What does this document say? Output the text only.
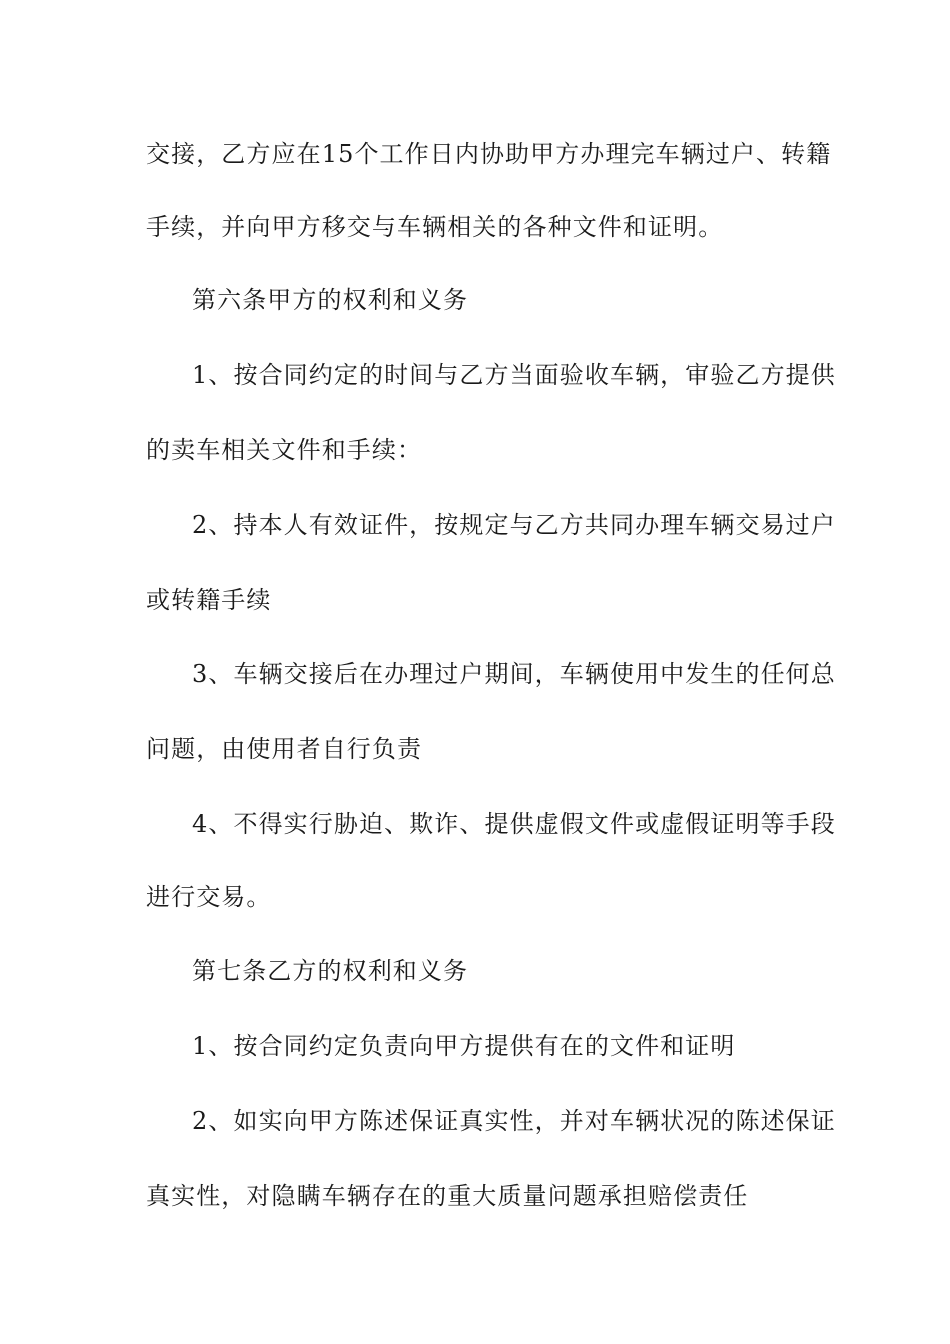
交接，乙方应在15个工作日内协助甲方办理完车辆过户、转籍
手续，并向甲方移交与车辆相关的各种文件和证明。
第六条甲方的权利和义务
1、按合同约定的时间与乙方当面验收车辆，审验乙方提供
的卖车相关文件和手续：
2、持本人有效证件，按规定与乙方共同办理车辆交易过户
或转籍手续
3、车辆交接后在办理过户期间，车辆使用中发生的任何总
问题，由使用者自行负责
4、不得实行胁迫、欺诈、提供虚假文件或虚假证明等手段
进行交易。
第七条乙方的权利和义务
1、按合同约定负责向甲方提供有在的文件和证明
2、如实向甲方陈述保证真实性，并对车辆状况的陈述保证
真实性，对隐瞒车辆存在的重大质量问题承担赔偿责任
